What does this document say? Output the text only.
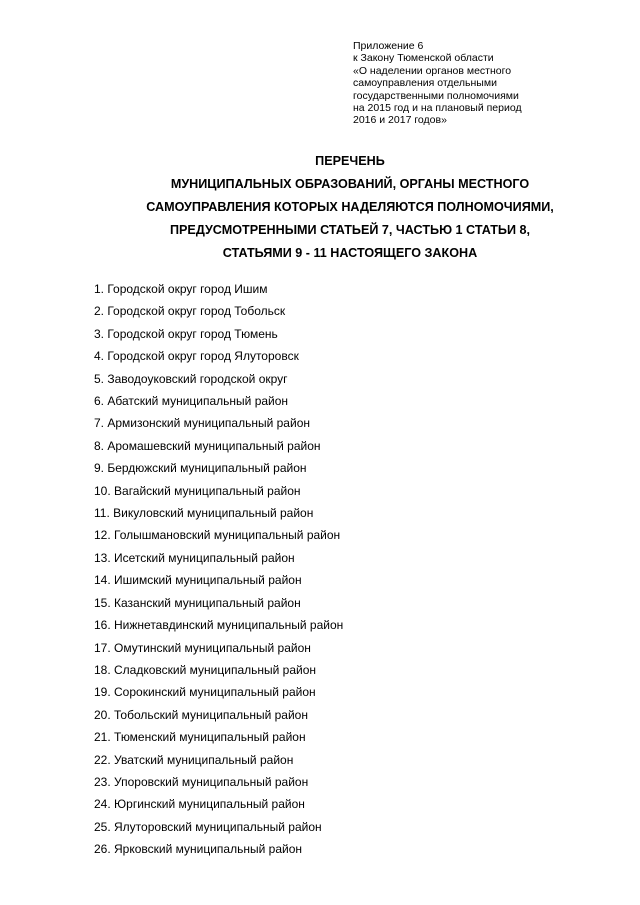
Приложение 6
к Закону Тюменской области
«О наделении органов местного
самоуправления отдельными
государственными полномочиями
на 2015 год и на плановый период
2016 и 2017 годов»
ПЕРЕЧЕНЬ
МУНИЦИПАЛЬНЫХ ОБРАЗОВАНИЙ, ОРГАНЫ МЕСТНОГО
САМОУПРАВЛЕНИЯ КОТОРЫХ НАДЕЛЯЮТСЯ ПОЛНОМОЧИЯМИ,
ПРЕДУСМОТРЕННЫМИ СТАТЬЕЙ 7, ЧАСТЬЮ 1 СТАТЬИ 8,
СТАТЬЯМИ 9 - 11 НАСТОЯЩЕГО ЗАКОНА
1. Городской округ город Ишим
2. Городской округ город Тобольск
3. Городской округ город Тюмень
4. Городской округ город Ялуторовск
5. Заводоуковский городской округ
6. Абатский муниципальный район
7. Армизонский муниципальный район
8. Аромашевский муниципальный район
9. Бердюжский муниципальный район
10. Вагайский муниципальный район
11. Викуловский муниципальный район
12. Голышмановский муниципальный район
13. Исетский муниципальный район
14. Ишимский муниципальный район
15. Казанский муниципальный район
16. Нижнетавдинский муниципальный район
17. Омутинский муниципальный район
18. Сладковский муниципальный район
19. Сорокинский муниципальный район
20. Тобольский муниципальный район
21. Тюменский муниципальный район
22. Уватский муниципальный район
23. Упоровский муниципальный район
24. Юргинский муниципальный район
25. Ялуторовский муниципальный район
26. Ярковский муниципальный район
